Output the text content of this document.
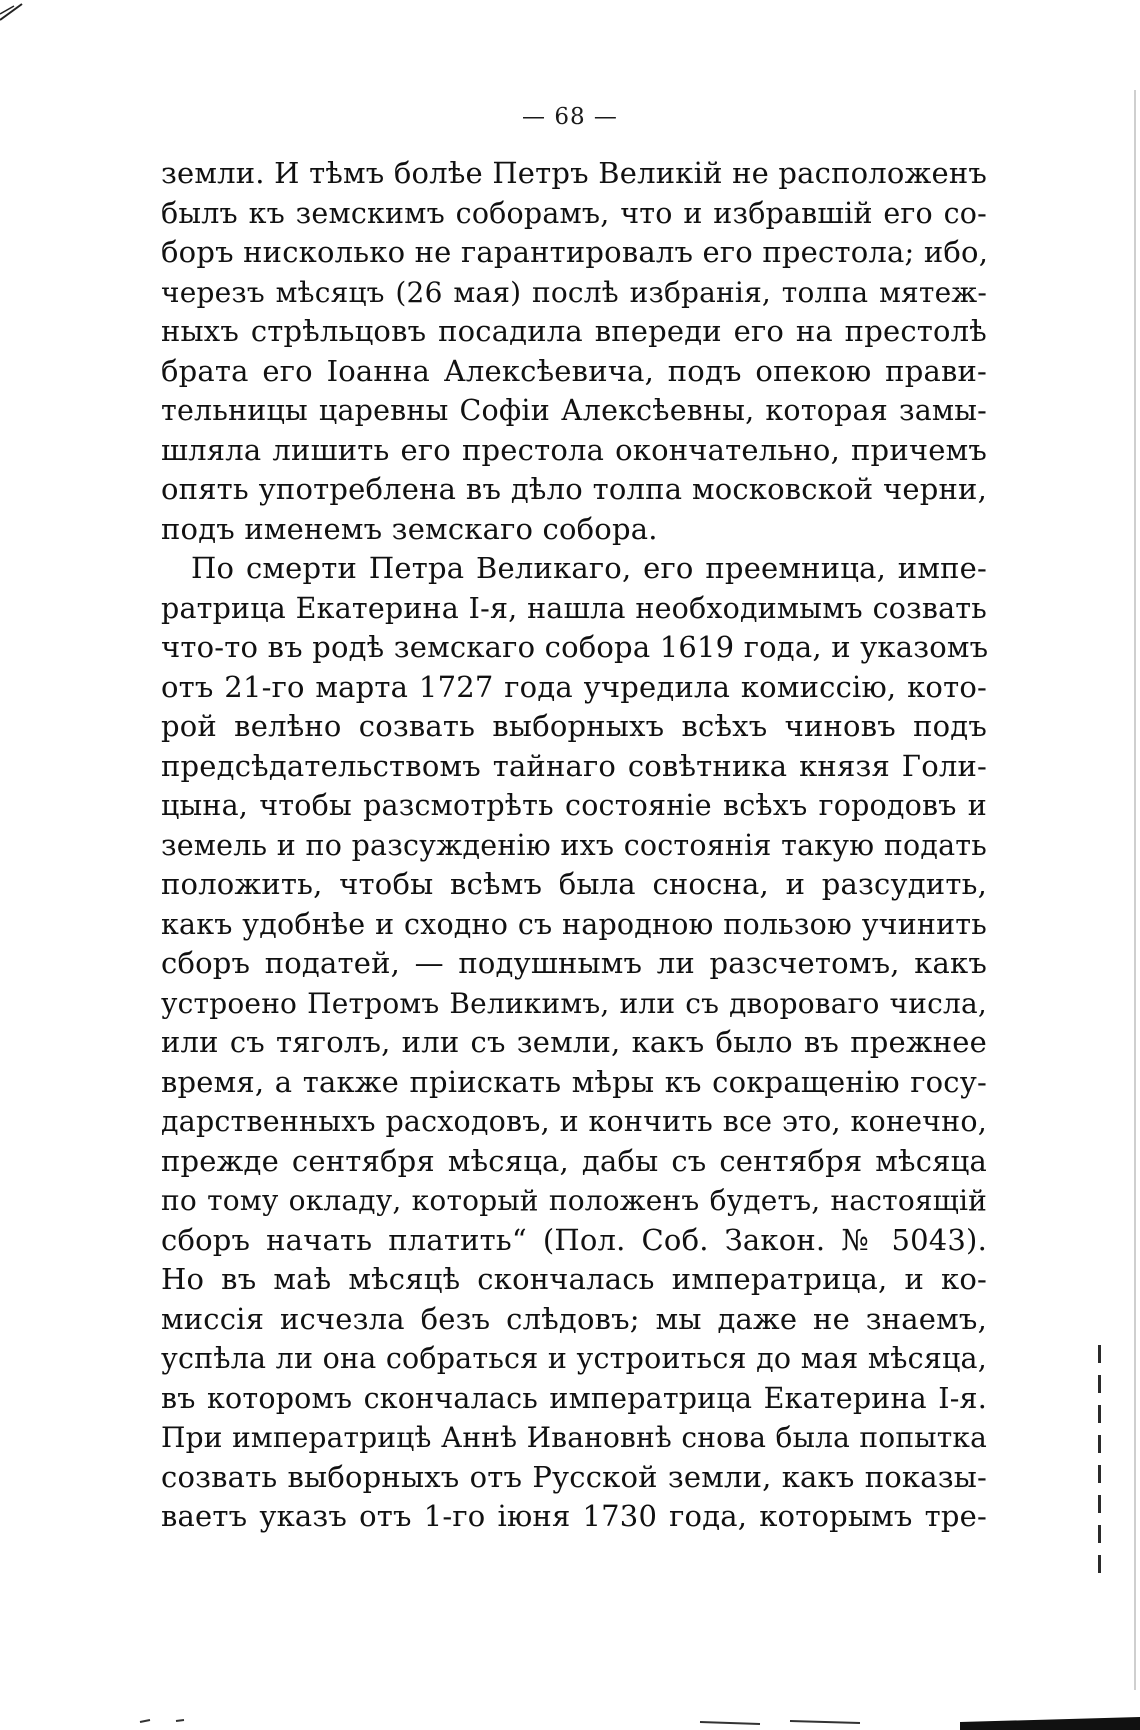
— 68 —
земли. И тѣмъ болѣе Петръ Великій не расположенъ
былъ къ земскимъ соборамъ, что и избравшій его со-
боръ нисколько не гарантировалъ его престола; ибо,
черезъ мѣсяцъ (26 мая) послѣ избранія, толпа мятеж-
ныхъ стрѣльцовъ посадила впереди его на престолѣ
брата его Іоанна Алексѣевича, подъ опекою прави-
тельницы царевны Софіи Алексѣевны, которая замы-
шляла лишить его престола окончательно, причемъ
опять употреблена въ дѣло толпа московской черни,
подъ именемъ земскаго собора.
По смерти Петра Великаго, его преемница, импе-
ратрица Екатерина I-я, нашла необходимымъ созвать
что-то въ родѣ земскаго собора 1619 года, и указомъ
отъ 21-го марта 1727 года учредила комиссію, кото-
рой велѣно созвать выборныхъ всѣхъ чиновъ подъ
предсѣдательствомъ тайнаго совѣтника князя Голи-
цына, чтобы разсмотрѣть состояніе всѣхъ городовъ и
земель и по разсужденію ихъ состоянія такую подать
положить, чтобы всѣмъ была сносна, и разсудить,
какъ удобнѣе и сходно съ народною пользою учинить
сборъ податей, — подушнымъ ли разсчетомъ, какъ
устроено Петромъ Великимъ, или съ двороваго числа,
или съ тяголъ, или съ земли, какъ было въ прежнее
время, а также пріискать мѣры къ сокращенію госу-
дарственныхъ расходовъ, и кончить все это, конечно,
прежде сентября мѣсяца, дабы съ сентября мѣсяца
по тому окладу, который положенъ будетъ, настоящій
сборъ начать платить“ (Пол. Соб. Закон. № 5043).
Но въ маѣ мѣсяцѣ скончалась императрица, и ко-
миссія исчезла безъ слѣдовъ; мы даже не знаемъ,
успѣла ли она собраться и устроиться до мая мѣсяца,
въ которомъ скончалась императрица Екатерина I-я.
При императрицѣ Аннѣ Ивановнѣ снова была попытка
созвать выборныхъ отъ Русской земли, какъ показы-
ваетъ указъ отъ 1-го іюня 1730 года, которымъ тре-
